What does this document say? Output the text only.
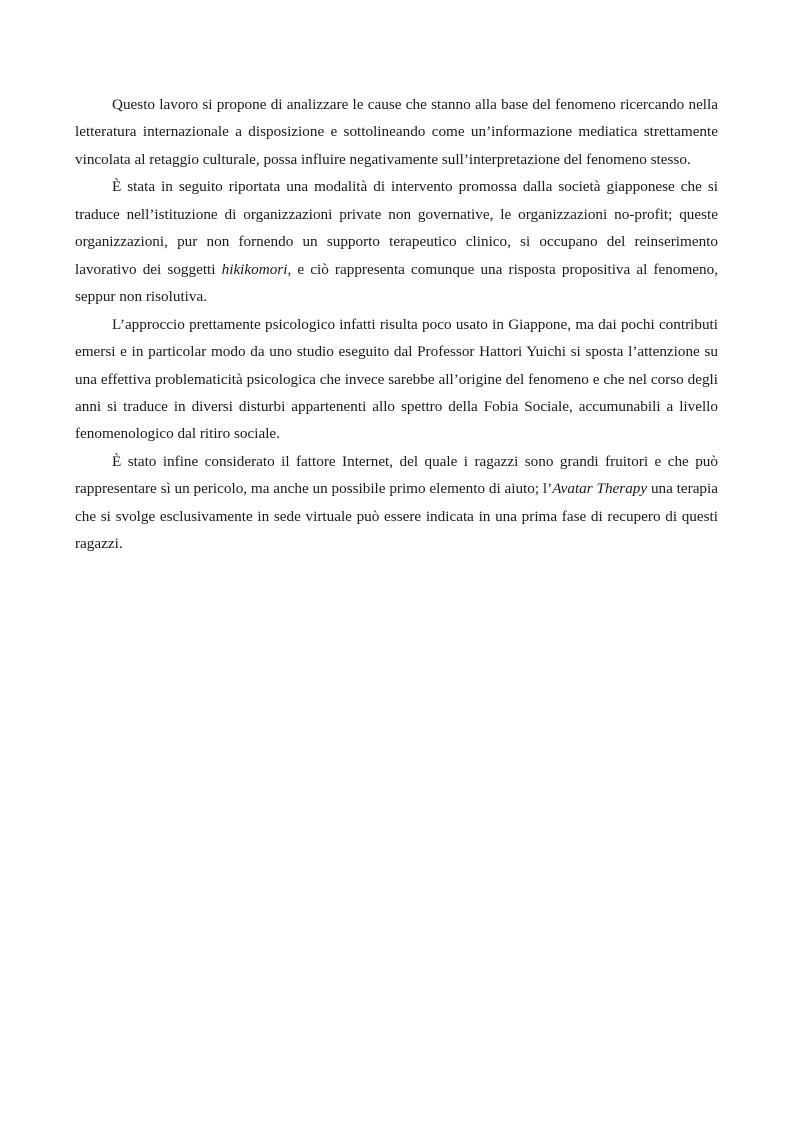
Questo lavoro si propone di analizzare le cause che stanno alla base del fenomeno ricercando nella letteratura internazionale a disposizione e sottolineando come un’informazione mediatica strettamente vincolata al retaggio culturale, possa influire negativamente sull’interpretazione del fenomeno stesso.

È stata in seguito riportata una modalità di intervento promossa dalla società giapponese che si traduce nell’istituzione di organizzazioni private non governative, le organizzazioni no-profit; queste organizzazioni, pur non fornendo un supporto terapeutico clinico, si occupano del reinserimento lavorativo dei soggetti hikikomori, e ciò rappresenta comunque una risposta propositiva al fenomeno, seppur non risolutiva.

L’approccio prettamente psicologico infatti risulta poco usato in Giappone, ma dai pochi contributi emersi e in particolar modo da uno studio eseguito dal Professor Hattori Yuichi si sposta l’attenzione su una effettiva problematicità psicologica che invece sarebbe all’origine del fenomeno e che nel corso degli anni si traduce in diversi disturbi appartenenti allo spettro della Fobia Sociale, accumunabili a livello fenomenologico dal ritiro sociale.

È stato infine considerato il fattore Internet, del quale i ragazzi sono grandi fruitori e che può rappresentare sì un pericolo, ma anche un possibile primo elemento di aiuto; l’Avatar Therapy una terapia che si svolge esclusivamente in sede virtuale può essere indicata in una prima fase di recupero di questi ragazzi.
